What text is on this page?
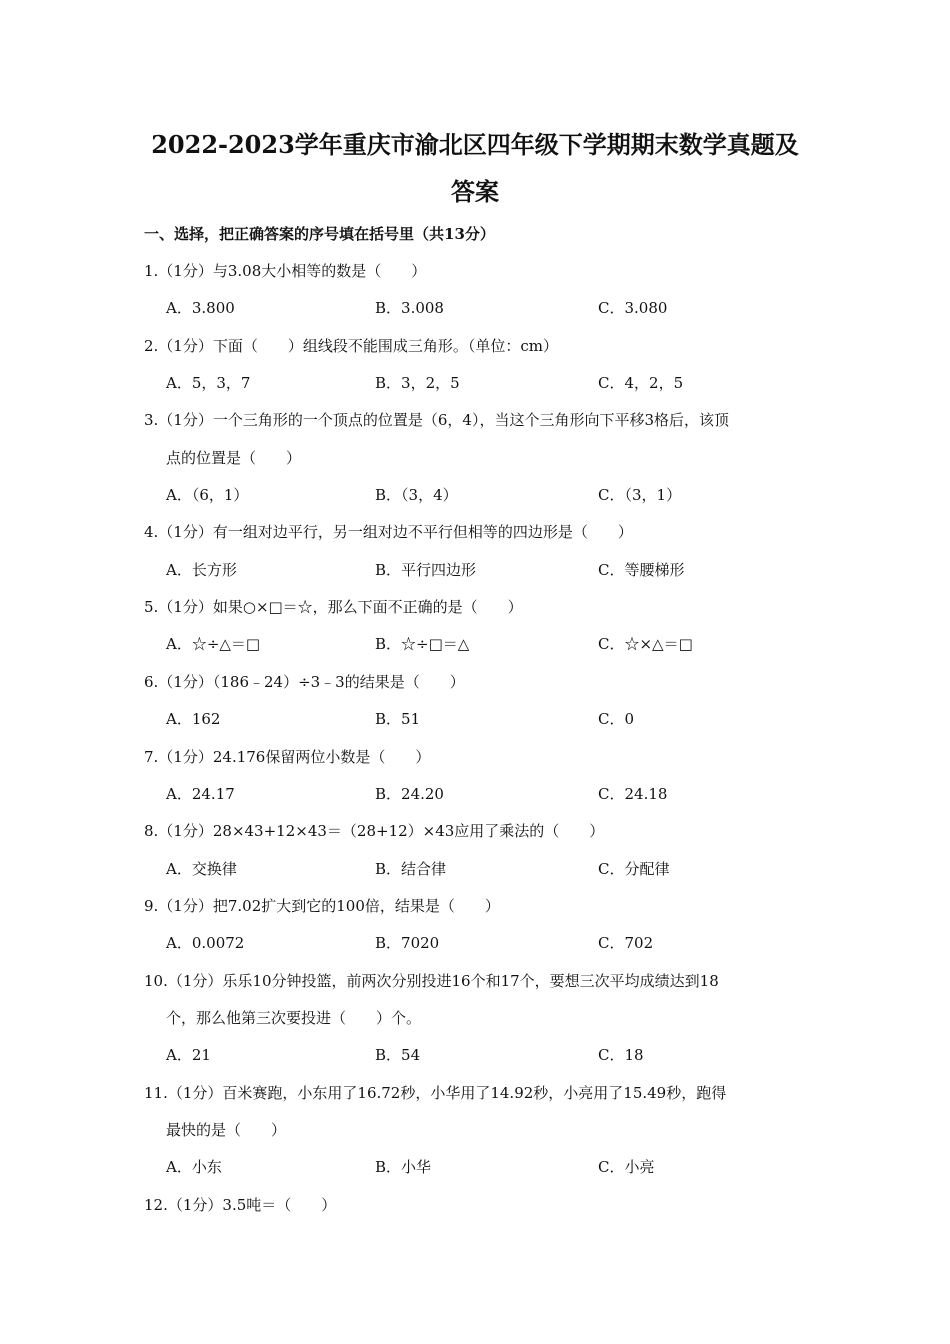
2022-2023学年重庆市渝北区四年级下学期期末数学真题及
答案
一、选择，把正确答案的序号填在括号里（共13分）
1.（1分）与3.08大小相等的数是（　　）
A．3.800	B．3.008	C．3.080
2.（1分）下面（　　）组线段不能围成三角形。（单位：cm）
A．5，3，7	B．3，2，5	C．4，2，5
3.（1分）一个三角形的一个顶点的位置是（6，4），当这个三角形向下平移3格后，该顶
点的位置是（　　）
A．（6，1）	B．（3，4）	C．（3，1）
4.（1分）有一组对边平行，另一组对边不平行但相等的四边形是（　　）
A．长方形	B．平行四边形	C．等腰梯形
5.（1分）如果○×□＝☆，那么下面不正确的是（　　）
A．☆÷△＝□	B．☆÷□＝△	C．☆×△＝□
6.（1分）（186﹣24）÷3﹣3的结果是（　　）
A．162	B．51	C．0
7.（1分）24.176保留两位小数是（　　）
A．24.17	B．24.20	C．24.18
8.（1分）28×43+12×43＝（28+12）×43应用了乘法的（　　）
A．交换律	B．结合律	C．分配律
9.（1分）把7.02扩大到它的100倍，结果是（　　）
A．0.0072	B．7020	C．702
10.（1分）乐乐10分钟投篮，前两次分别投进16个和17个，要想三次平均成绩达到18
个，那么他第三次要投进（　　）个。
A．21	B．54	C．18
11.（1分）百米赛跑，小东用了16.72秒，小华用了14.92秒，小亮用了15.49秒，跑得
最快的是（　　）
A．小东	B．小华	C．小亮
12.（1分）3.5吨＝（　　）
